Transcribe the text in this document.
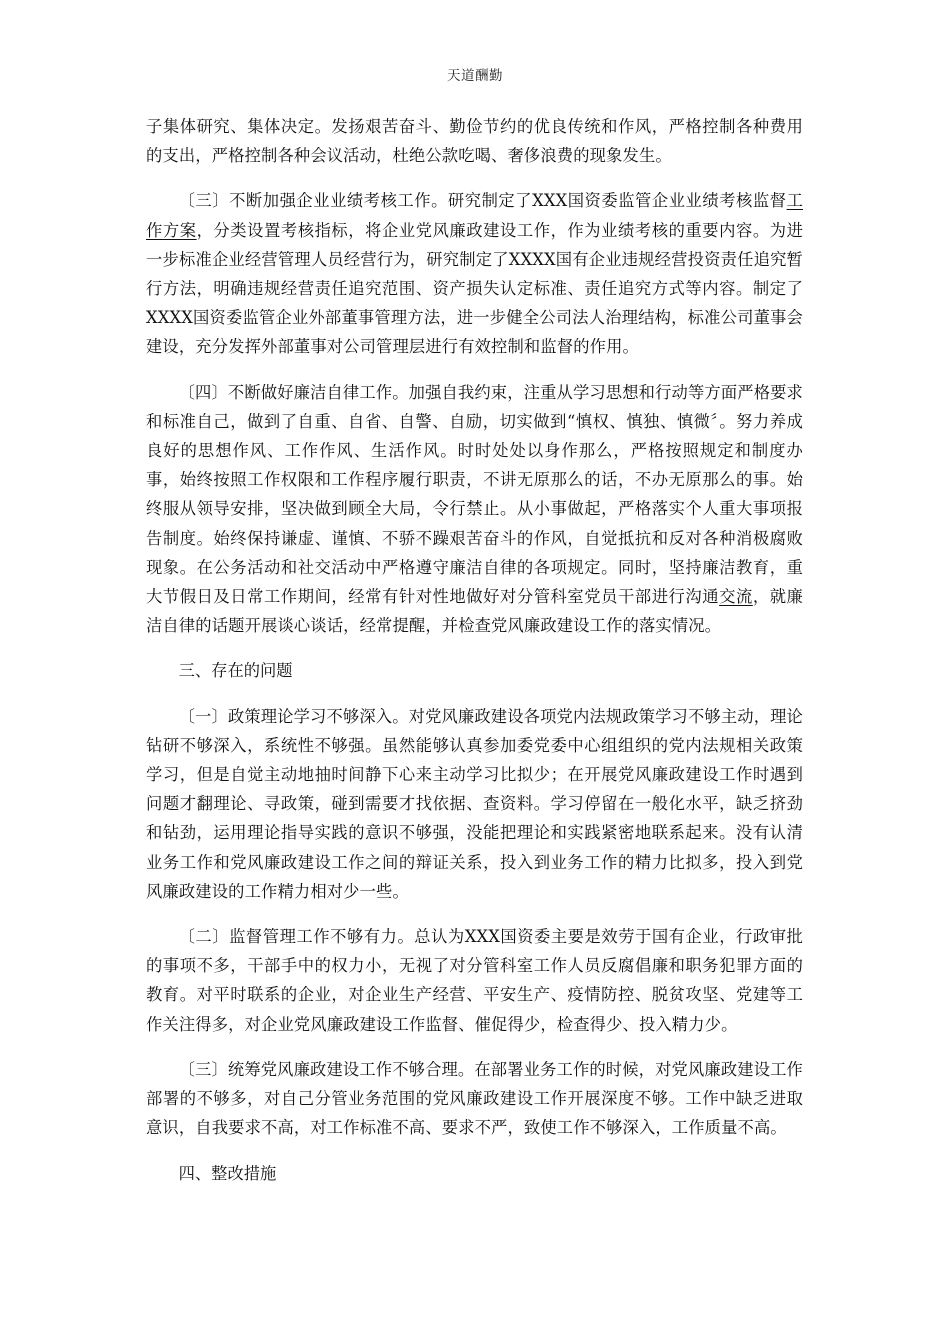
天道酬勤

子集体研究、集体决定。发扬艰苦奋斗、勤俭节约的优良传统和作风，严格控制各种费用的支出，严格控制各种会议活动，杜绝公款吃喝、奢侈浪费的现象发生。

〔三〕不断加强企业业绩考核工作。研究制定了XXX国资委监管企业业绩考核监督工作方案，分类设置考核指标，将企业党风廉政建设工作，作为业绩考核的重要内容。为进一步标准企业经营管理人员经营行为，研究制定了XXXX国有企业违规经营投资责任追究暂行方法，明确违规经营责任追究范围、资产损失认定标准、责任追究方式等内容。制定了XXXX国资委监管企业外部董事管理方法，进一步健全公司法人治理结构，标准公司董事会建设，充分发挥外部董事对公司管理层进行有效控制和监督的作用。

〔四〕不断做好廉洁自律工作。加强自我约束，注重从学习思想和行动等方面严格要求和标准自己，做到了自重、自省、自警、自励，切实做到“慎权、慎独、慎微〞。努力养成良好的思想作风、工作作风、生活作风。时时处处以身作那么，严格按照规定和制度办事，始终按照工作权限和工作程序履行职责，不讲无原那么的话，不办无原那么的事。始终服从领导安排，坚决做到顾全大局，令行禁止。从小事做起，严格落实个人重大事项报告制度。始终保持谦虚、谨慎、不骄不躁艰苦奋斗的作风，自觉抵抗和反对各种消极腐败现象。在公务活动和社交活动中严格遵守廉洁自律的各项规定。同时，坚持廉洁教育，重大节假日及日常工作期间，经常有针对性地做好对分管科室党员干部进行沟通交流，就廉洁自律的话题开展谈心谈话，经常提醒，并检查党风廉政建设工作的落实情况。

三、存在的问题

〔一〕政策理论学习不够深入。对党风廉政建设各项党内法规政策学习不够主动，理论钻研不够深入，系统性不够强。虽然能够认真参加委党委中心组组织的党内法规相关政策学习，但是自觉主动地抽时间静下心来主动学习比拟少；在开展党风廉政建设工作时遇到问题才翻理论、寻政策，碰到需要才找依据、查资料。学习停留在一般化水平，缺乏挤劲和钻劲，运用理论指导实践的意识不够强，没能把理论和实践紧密地联系起来。没有认清业务工作和党风廉政建设工作之间的辩证关系，投入到业务工作的精力比拟多，投入到党风廉政建设的工作精力相对少一些。

〔二〕监督管理工作不够有力。总认为XXX国资委主要是效劳于国有企业，行政审批的事项不多，干部手中的权力小，无视了对分管科室工作人员反腐倡廉和职务犯罪方面的教育。对平时联系的企业，对企业生产经营、平安生产、疫情防控、脱贫攻坚、党建等工作关注得多，对企业党风廉政建设工作监督、催促得少，检查得少、投入精力少。

〔三〕统筹党风廉政建设工作不够合理。在部署业务工作的时候，对党风廉政建设工作部署的不够多，对自己分管业务范围的党风廉政建设工作开展深度不够。工作中缺乏进取意识，自我要求不高，对工作标准不高、要求不严，致使工作不够深入，工作质量不高。

四、整改措施
